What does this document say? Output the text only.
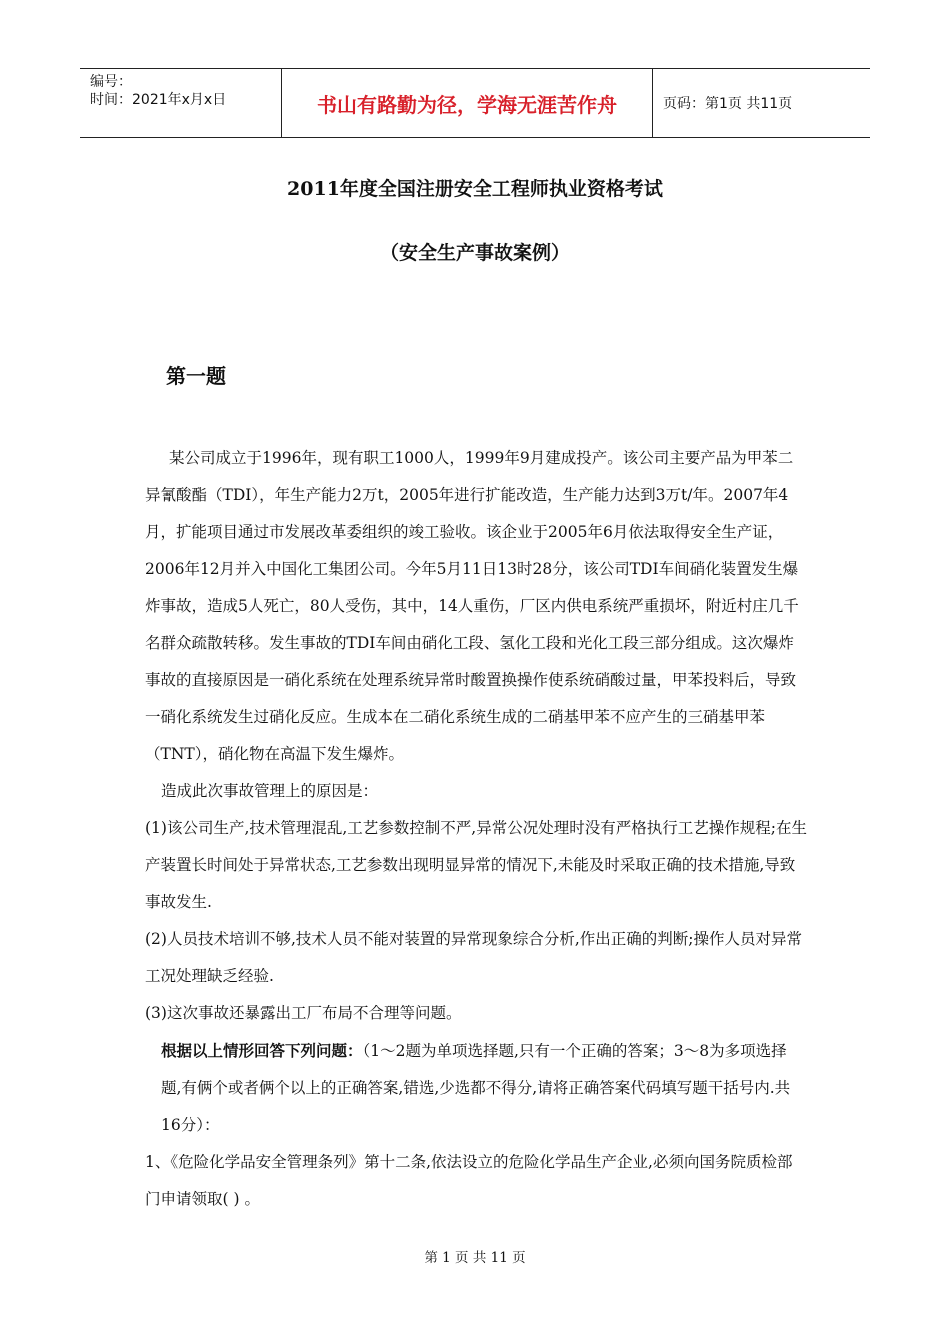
编号：
时间：2021年x月x日	书山有路勤为径，学海无涯苦作舟	页码：第1页 共11页
2011年度全国注册安全工程师执业资格考试
（安全生产事故案例）
第一题

某公司成立于1996年，现有职工1000人，1999年9月建成投产。该公司主要产品为甲苯二异氰酸酯（TDI），年生产能力2万t，2005年进行扩能改造，生产能力达到3万t/年。2007年4月，扩能项目通过市发展改革委组织的竣工验收。该企业于2005年6月依法取得安全生产证，2006年12月并入中国化工集团公司。今年5月11日13时28分，该公司TDI车间硝化装置发生爆炸事故，造成5人死亡，80人受伤，其中，14人重伤，厂区内供电系统严重损坏，附近村庄几千名群众疏散转移。发生事故的TDI车间由硝化工段、氢化工段和光化工段三部分组成。这次爆炸事故的直接原因是一硝化系统在处理系统异常时酸置换操作使系统硝酸过量，甲苯投料后，导致一硝化系统发生过硝化反应。生成本在二硝化系统生成的二硝基甲苯不应产生的三硝基甲苯（TNT），硝化物在高温下发生爆炸。

造成此次事故管理上的原因是：

(1)该公司生产,技术管理混乱,工艺参数控制不严,异常公况处理时没有严格执行工艺操作规程;在生产装置长时间处于异常状态,工艺参数出现明显异常的情况下,未能及时采取正确的技术措施,导致事故发生.

(2)人员技术培训不够,技术人员不能对装置的异常现象综合分析,作出正确的判断;操作人员对异常工况处理缺乏经验.

(3)这次事故还暴露出工厂布局不合理等问题。

根据以上情形回答下列问题：（1～2题为单项选择题,只有一个正确的答案；3～8为多项选择题,有俩个或者俩个以上的正确答案,错选,少选都不得分,请将正确答案代码填写题干括号内.共16分）：

1、《危险化学品安全管理条列》第十二条,依法设立的危险化学品生产企业,必须向国务院质检部门申请领取( ) 。

第 1 页 共 11 页
